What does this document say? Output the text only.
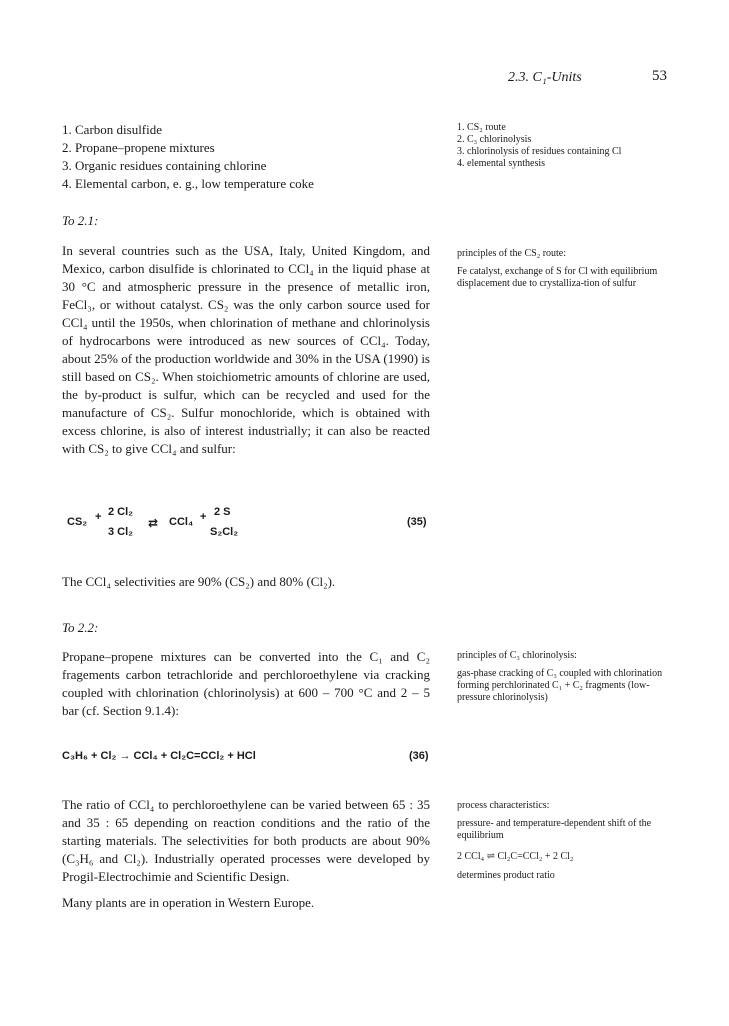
2.3. C₁-Units	53
1. Carbon disulfide
2. Propane–propene mixtures
3. Organic residues containing chlorine
4. Elemental carbon, e. g., low temperature coke
1. CS₂ route
2. C₃ chlorinolysis
3. chlorinolysis of residues containing Cl
4. elemental synthesis
To 2.1:

In several countries such as the USA, Italy, United Kingdom, and Mexico, carbon disulfide is chlorinated to CCl₄ in the liquid phase at 30 °C and atmospheric pressure in the presence of metallic iron, FeCl₃, or without catalyst. CS₂ was the only carbon source used for CCl₄ until the 1950s, when chlorination of methane and chlorinolysis of hydrocarbons were introduced as new sources of CCl₄. Today, about 25% of the production worldwide and 30% in the USA (1990) is still based on CS₂. When stoichiometric amounts of chlorine are used, the by-product is sulfur, which can be recycled and used for the manufacture of CS₂. Sulfur monochloride, which is obtained with excess chlorine, is also of interest industrially; it can also be reacted with CS₂ to give CCl₄ and sulfur:

principles of the CS₂ route:

Fe catalyst, exchange of S for Cl with equilibrium displacement due to crystalliza-tion of sulfur

CS₂ + 2 Cl₂
3 Cl₂
⇄ CCl₄ + 2 S
S₂Cl₂
(35)

The CCl₄ selectivities are 90% (CS₂) and 80% (Cl₂).

To 2.2:

Propane–propene mixtures can be converted into the C₁ and C₂ fragements carbon tetrachloride and perchloroethylene via cracking coupled with chlorination (chlorinolysis) at 600 – 700 °C and 2 – 5 bar (cf. Section 9.1.4):

principles of C₃ chlorinolysis:

gas-phase cracking of C₃ coupled with chlorination forming perchlorinated C₁ + C₂ fragments (low-pressure chlorinolysis)

C₃H₆ + Cl₂ → CCl₄ + Cl₂C=CCl₂ + HCl	(36)

The ratio of CCl₄ to perchloroethylene can be varied between 65 : 35 and 35 : 65 depending on reaction conditions and the ratio of the starting materials. The selectivities for both products are about 90% (C₃H₆ and Cl₂). Industrially operated processes were developed by Progil-Electrochimie and Scientific Design.

Many plants are in operation in Western Europe.

process characteristics:

pressure- and temperature-dependent shift of the equilibrium

2 CCl₄ ⇌ Cl₂C=CCl₂ + 2 Cl₂

determines product ratio
